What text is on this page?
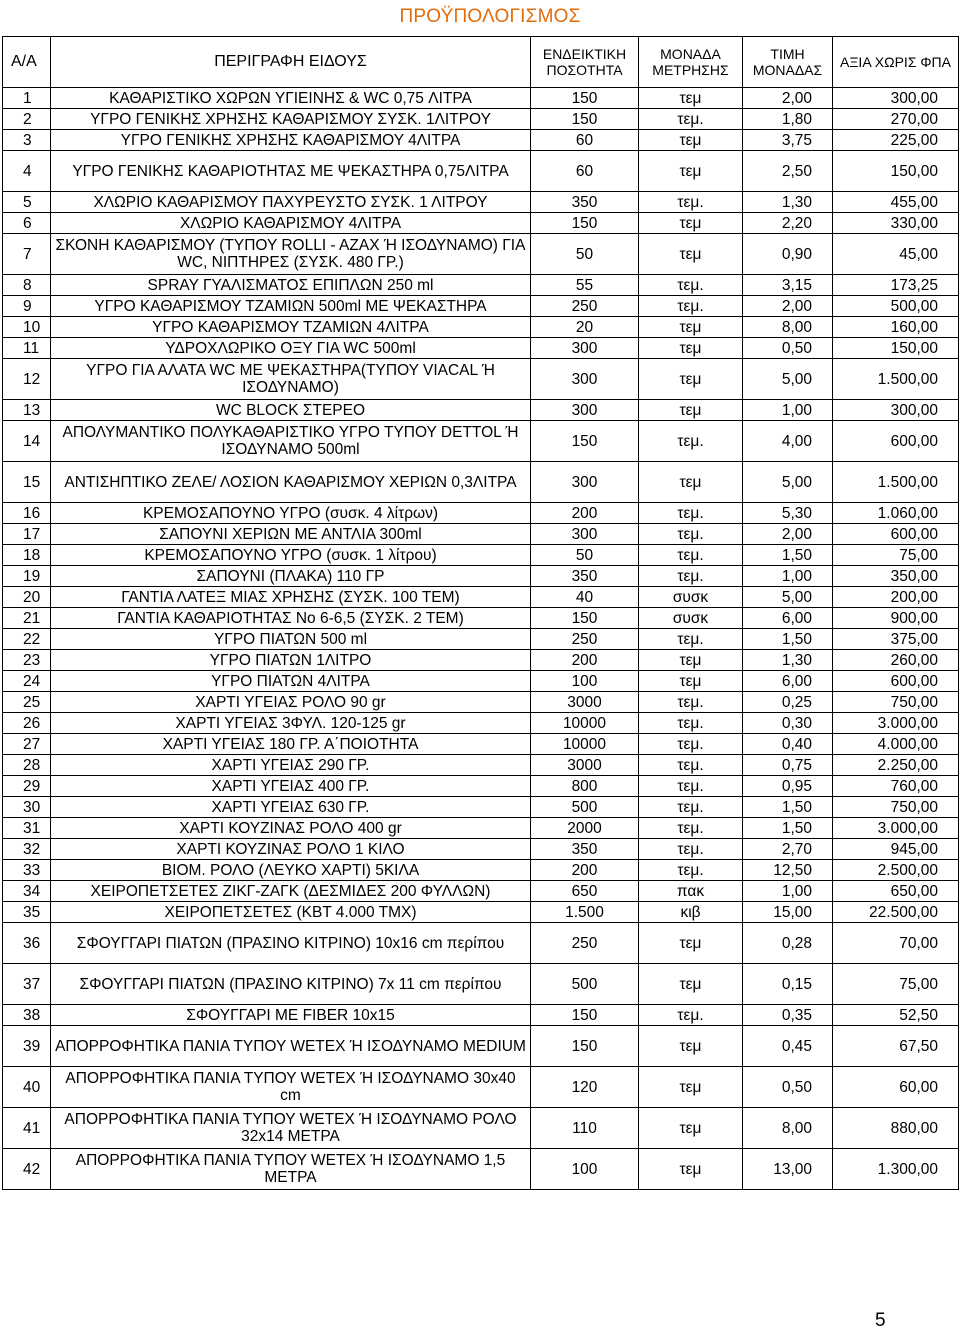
ΠΡΟΫΠΟΛΟΓΙΣΜΟΣ
Α/Α	ΠΕΡΙΓΡΑΦΗ ΕΙΔΟΥΣ	ΕΝΔΕΙΚΤΙΚΗ ΠΟΣΟΤΗΤΑ	ΜΟΝΑΔΑ ΜΕΤΡΗΣΗΣ	ΤΙΜΗ ΜΟΝΑΔΑΣ	ΑΞΙΑ ΧΩΡΙΣ ΦΠΑ
1	ΚΑΘΑΡΙΣΤΙΚΟ ΧΩΡΩΝ ΥΓΙΕΙΝΗΣ & WC 0,75 ΛΙΤΡΑ	150	τεμ	2,00	300,00
2	ΥΓΡΟ ΓΕΝΙΚΗΣ ΧΡΗΣΗΣ ΚΑΘΑΡΙΣΜΟΥ ΣΥΣΚ. 1ΛΙΤΡΟΥ	150	τεμ.	1,80	270,00
3	ΥΓΡΟ ΓΕΝΙΚΗΣ ΧΡΗΣΗΣ ΚΑΘΑΡΙΣΜΟΥ 4ΛΙΤΡΑ	60	τεμ	3,75	225,00
4	ΥΓΡΟ ΓΕΝΙΚΗΣ ΚΑΘΑΡΙΟΤΗΤΑΣ ΜΕ ΨΕΚΑΣΤΗΡΑ 0,75ΛΙΤΡΑ	60	τεμ	2,50	150,00
5	ΧΛΩΡΙΟ ΚΑΘΑΡΙΣΜΟΥ ΠΑΧΥΡΕΥΣΤΟ ΣΥΣΚ. 1 ΛΙΤΡΟΥ	350	τεμ.	1,30	455,00
6	ΧΛΩΡΙΟ ΚΑΘΑΡΙΣΜΟΥ 4ΛΙΤΡΑ	150	τεμ	2,20	330,00
7	ΣΚΟΝΗ ΚΑΘΑΡΙΣΜΟΥ (ΤΥΠΟΥ ROLLI - AZAX Ή ΙΣΟΔΥΝΑΜΟ) ΓΙΑ WC, ΝΙΠΤΗΡΕΣ (ΣΥΣΚ. 480 ΓΡ.)	50	τεμ	0,90	45,00
8	SPRAY ΓΥΑΛΙΣΜΑΤΟΣ ΕΠΙΠΛΩΝ 250 ml	55	τεμ.	3,15	173,25
9	ΥΓΡΟ ΚΑΘΑΡΙΣΜΟΥ ΤΖΑΜΙΩΝ 500ml ΜΕ ΨΕΚΑΣΤΗΡΑ	250	τεμ.	2,00	500,00
10	ΥΓΡΟ ΚΑΘΑΡΙΣΜΟΥ ΤΖΑΜΙΩΝ 4ΛΙΤΡΑ	20	τεμ	8,00	160,00
11	ΥΔΡΟΧΛΩΡΙΚΟ ΟΞΥ ΓΙΑ WC 500ml	300	τεμ	0,50	150,00
12	ΥΓΡΟ ΓΙΑ ΑΛΑΤΑ WC ΜΕ ΨΕΚΑΣΤΗΡΑ(ΤΥΠΟΥ VIACAL Ή ΙΣΟΔΥΝΑΜΟ)	300	τεμ	5,00	1.500,00
13	WC BLOCK ΣΤΕΡΕΟ	300	τεμ	1,00	300,00
14	ΑΠΟΛΥΜΑΝΤΙΚΟ ΠΟΛΥΚΑΘΑΡΙΣΤΙΚΟ ΥΓΡΟ ΤΥΠΟΥ DETTOL Ή ΙΣΟΔΥΝΑΜΟ 500ml	150	τεμ.	4,00	600,00
15	ΑΝΤΙΣΗΠΤΙΚΟ ΖΕΛΕ/ ΛΟΣΙΟΝ ΚΑΘΑΡΙΣΜΟΥ ΧΕΡΙΩΝ 0,3ΛΙΤΡΑ	300	τεμ	5,00	1.500,00
16	ΚΡΕΜΟΣΑΠΟΥΝΟ ΥΓΡΟ (συσκ. 4 λίτρων)	200	τεμ.	5,30	1.060,00
17	ΣΑΠΟΥΝΙ ΧΕΡΙΩΝ ΜΕ ΑΝΤΛΙΑ 300ml	300	τεμ.	2,00	600,00
18	ΚΡΕΜΟΣΑΠΟΥΝΟ ΥΓΡΟ (συσκ. 1 λίτρου)	50	τεμ.	1,50	75,00
19	ΣΑΠΟΥΝΙ (ΠΛΑΚΑ) 110 ΓΡ	350	τεμ.	1,00	350,00
20	ΓΑΝΤΙΑ ΛΑΤΕΞ ΜΙΑΣ ΧΡΗΣΗΣ (ΣΥΣΚ. 100 ΤΕΜ)	40	συσκ	5,00	200,00
21	ΓΑΝΤΙΑ ΚΑΘΑΡΙΟΤΗΤΑΣ Νο 6-6,5 (ΣΥΣΚ. 2 ΤΕΜ)	150	συσκ	6,00	900,00
22	ΥΓΡΟ ΠΙΑΤΩΝ 500 ml	250	τεμ.	1,50	375,00
23	ΥΓΡΟ ΠΙΑΤΩΝ 1ΛΙΤΡΟ	200	τεμ	1,30	260,00
24	ΥΓΡΟ ΠΙΑΤΩΝ 4ΛΙΤΡΑ	100	τεμ	6,00	600,00
25	ΧΑΡΤΙ ΥΓΕΙΑΣ ΡΟΛΟ 90 gr	3000	τεμ.	0,25	750,00
26	ΧΑΡΤΙ ΥΓΕΙΑΣ 3ΦΥΛ. 120-125 gr	10000	τεμ.	0,30	3.000,00
27	ΧΑΡΤΙ ΥΓΕΙΑΣ 180 ΓΡ. Α΄ΠΟΙΟΤΗΤΑ	10000	τεμ.	0,40	4.000,00
28	ΧΑΡΤΙ ΥΓΕΙΑΣ 290 ΓΡ.	3000	τεμ.	0,75	2.250,00
29	ΧΑΡΤΙ ΥΓΕΙΑΣ 400 ΓΡ.	800	τεμ.	0,95	760,00
30	ΧΑΡΤΙ ΥΓΕΙΑΣ 630 ΓΡ.	500	τεμ.	1,50	750,00
31	ΧΑΡΤΙ ΚΟΥΖΙΝΑΣ ΡΟΛΟ 400 gr	2000	τεμ.	1,50	3.000,00
32	ΧΑΡΤΙ ΚΟΥΖΙΝΑΣ ΡΟΛΟ 1 ΚΙΛΟ	350	τεμ.	2,70	945,00
33	ΒΙΟΜ. ΡΟΛΟ (ΛΕΥΚΟ ΧΑΡΤΙ) 5ΚΙΛΑ	200	τεμ.	12,50	2.500,00
34	ΧΕΙΡΟΠΕΤΣΕΤΕΣ ΖΙΚΓ-ΖΑΓΚ (ΔΕΣΜΙΔΕΣ 200 ΦΥΛΛΩΝ)	650	πακ	1,00	650,00
35	ΧΕΙΡΟΠΕΤΣΕΤΕΣ (ΚΒΤ 4.000 ΤΜΧ)	1.500	κιβ	15,00	22.500,00
36	ΣΦΟΥΓΓΑΡΙ ΠΙΑΤΩΝ (ΠΡΑΣΙΝΟ ΚΙΤΡΙΝΟ) 10x16 cm περίπου	250	τεμ	0,28	70,00
37	ΣΦΟΥΓΓΑΡΙ ΠΙΑΤΩΝ (ΠΡΑΣΙΝΟ ΚΙΤΡΙΝΟ) 7x 11 cm περίπου	500	τεμ	0,15	75,00
38	ΣΦΟΥΓΓΑΡΙ ΜΕ FIBER 10x15	150	τεμ.	0,35	52,50
39	ΑΠΟΡΡΟΦΗΤΙΚΑ ΠΑΝΙΑ ΤΥΠΟΥ WETEX Ή ΙΣΟΔΥΝΑΜΟ MEDIUM	150	τεμ	0,45	67,50
40	ΑΠΟΡΡΟΦΗΤΙΚΑ ΠΑΝΙΑ ΤΥΠΟΥ WETEX Ή ΙΣΟΔΥΝΑΜΟ 30x40 cm	120	τεμ	0,50	60,00
41	ΑΠΟΡΡΟΦΗΤΙΚΑ ΠΑΝΙΑ ΤΥΠΟΥ WETEX Ή ΙΣΟΔΥΝΑΜΟ ΡΟΛΟ 32x14 ΜΕΤΡΑ	110	τεμ	8,00	880,00
42	ΑΠΟΡΡΟΦΗΤΙΚΑ ΠΑΝΙΑ ΤΥΠΟΥ WETEX Ή ΙΣΟΔΥΝΑΜΟ 1,5 ΜΕΤΡΑ	100	τεμ	13,00	1.300,00
5
